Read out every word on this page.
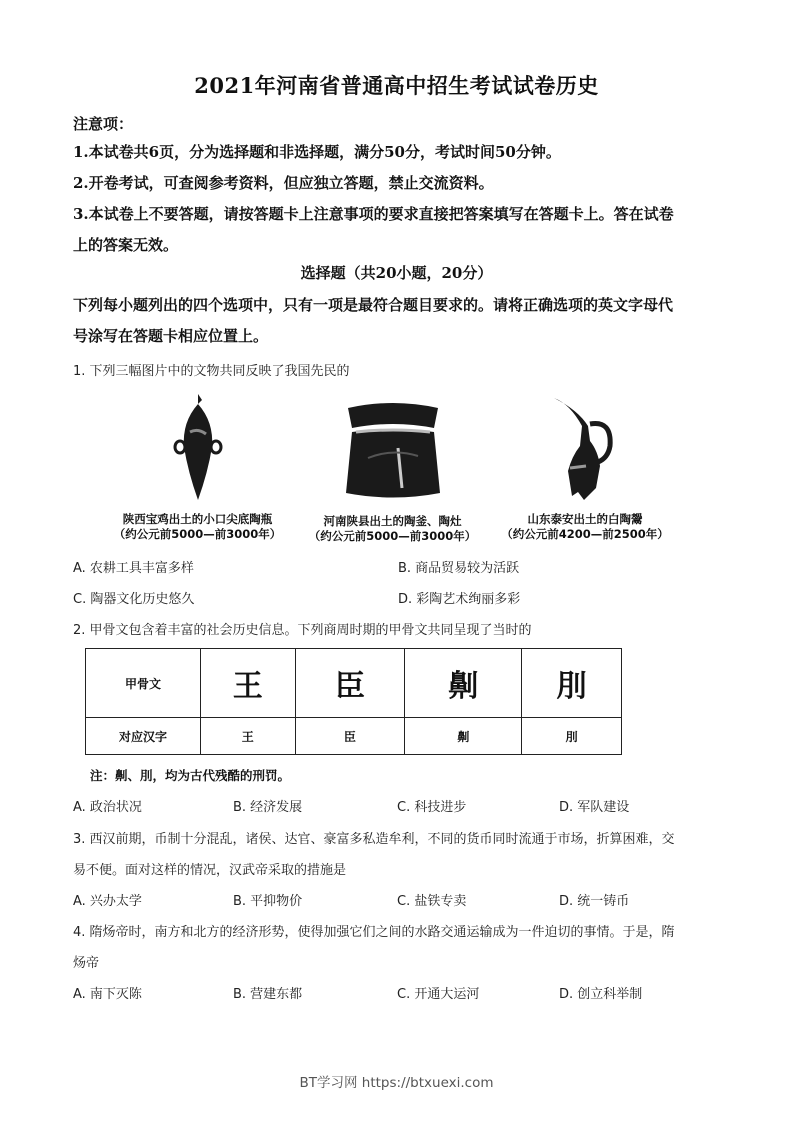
2021年河南省普通高中招生考试试卷历史
注意项：
1.本试卷共6页，分为选择题和非选择题，满分50分，考试时间50分钟。
2.开卷考试，可查阅参考资料，但应独立答题，禁止交流资料。
3.本试卷上不要答题，请按答题卡上注意事项的要求直接把答案填写在答题卡上。答在试卷
上的答案无效。
选择题（共20小题，20分）
下列每小题列出的四个选项中，只有一项是最符合题目要求的。请将正确选项的英文字母代
号涂写在答题卡相应位置上。
1. 下列三幅图片中的文物共同反映了我国先民的
陕西宝鸡出土的小口尖底陶瓶
（约公元前5000—前3000年）
河南陕县出土的陶釜、陶灶
（约公元前5000—前3000年）
山东泰安出土的白陶鬶
（约公元前4200—前2500年）
A. 农耕工具丰富多样	B. 商品贸易较为活跃
C. 陶器文化历史悠久	D. 彩陶艺术绚丽多彩
2. 甲骨文包含着丰富的社会历史信息。下列商周时期的甲骨文共同呈现了当时的
甲骨文	王	臣	劓	刖
对应汉字	王	臣	劓	刖
注：劓、刖，均为古代残酷的刑罚。
A. 政治状况	B. 经济发展	C. 科技进步	D. 军队建设
3. 西汉前期，币制十分混乱，诸侯、达官、豪富多私造牟利，不同的货币同时流通于市场，折算困难，交
易不便。面对这样的情况，汉武帝采取的措施是
A. 兴办太学	B. 平抑物价	C. 盐铁专卖	D. 统一铸币
4. 隋炀帝时，南方和北方的经济形势，使得加强它们之间的水路交通运输成为一件迫切的事情。于是，隋
炀帝
A. 南下灭陈	B. 营建东都	C. 开通大运河	D. 创立科举制
BT学习网 https://btxuexi.com
